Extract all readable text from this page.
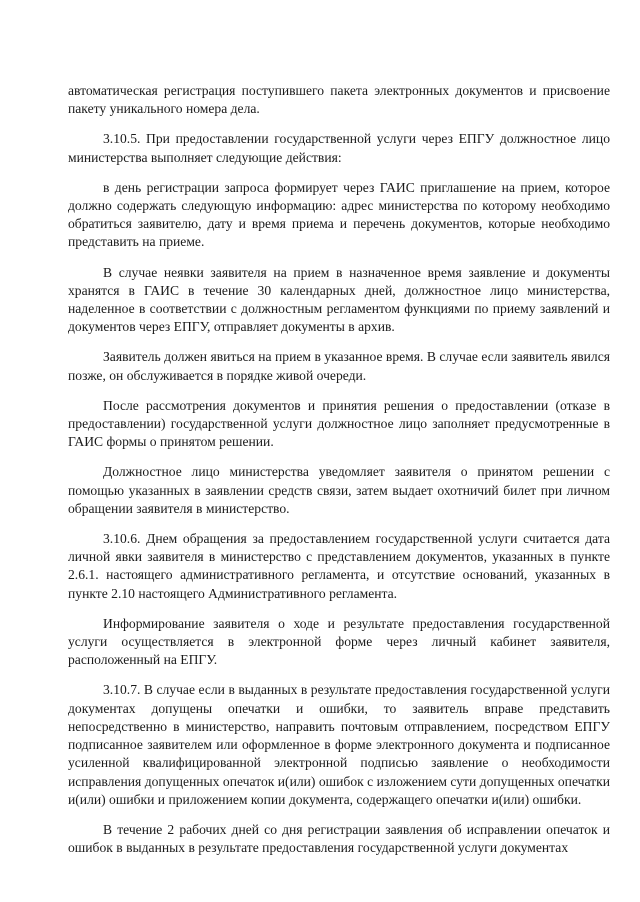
автоматическая регистрация поступившего пакета электронных документов и присвоение пакету уникального номера дела.

3.10.5. При предоставлении государственной услуги через ЕПГУ должностное лицо министерства выполняет следующие действия:

в день регистрации запроса формирует через ГАИС приглашение на прием, которое должно содержать следующую информацию: адрес министерства по которому необходимо обратиться заявителю, дату и время приема и перечень документов, которые необходимо представить на приеме.

В случае неявки заявителя на прием в назначенное время заявление и документы хранятся в ГАИС в течение 30 календарных дней, должностное лицо министерства, наделенное в соответствии с должностным регламентом функциями по приему заявлений и документов через ЕПГУ, отправляет документы в архив.

Заявитель должен явиться на прием в указанное время. В случае если заявитель явился позже, он обслуживается в порядке живой очереди.

После рассмотрения документов и принятия решения о предоставлении (отказе в предоставлении) государственной услуги должностное лицо заполняет предусмотренные в ГАИС формы о принятом решении.

Должностное лицо министерства уведомляет заявителя о принятом решении с помощью указанных в заявлении средств связи, затем выдает охотничий билет при личном обращении заявителя в министерство.

3.10.6. Днем обращения за предоставлением государственной услуги считается дата личной явки заявителя в министерство с представлением документов, указанных в пункте 2.6.1. настоящего административного регламента, и отсутствие оснований, указанных в пункте 2.10 настоящего Административного регламента.

Информирование заявителя о ходе и результате предоставления государственной услуги осуществляется в электронной форме через личный кабинет заявителя, расположенный на ЕПГУ.

3.10.7. В случае если в выданных в результате предоставления государственной услуги документах допущены опечатки и ошибки, то заявитель вправе представить непосредственно в министерство, направить почтовым отправлением, посредством ЕПГУ подписанное заявителем или оформленное в форме электронного документа и подписанное усиленной квалифицированной электронной подписью заявление о необходимости исправления допущенных опечаток и(или) ошибок с изложением сути допущенных опечатки и(или) ошибки и приложением копии документа, содержащего опечатки и(или) ошибки.

В течение 2 рабочих дней со дня регистрации заявления об исправлении опечаток и ошибок в выданных в результате предоставления государственной услуги документах
